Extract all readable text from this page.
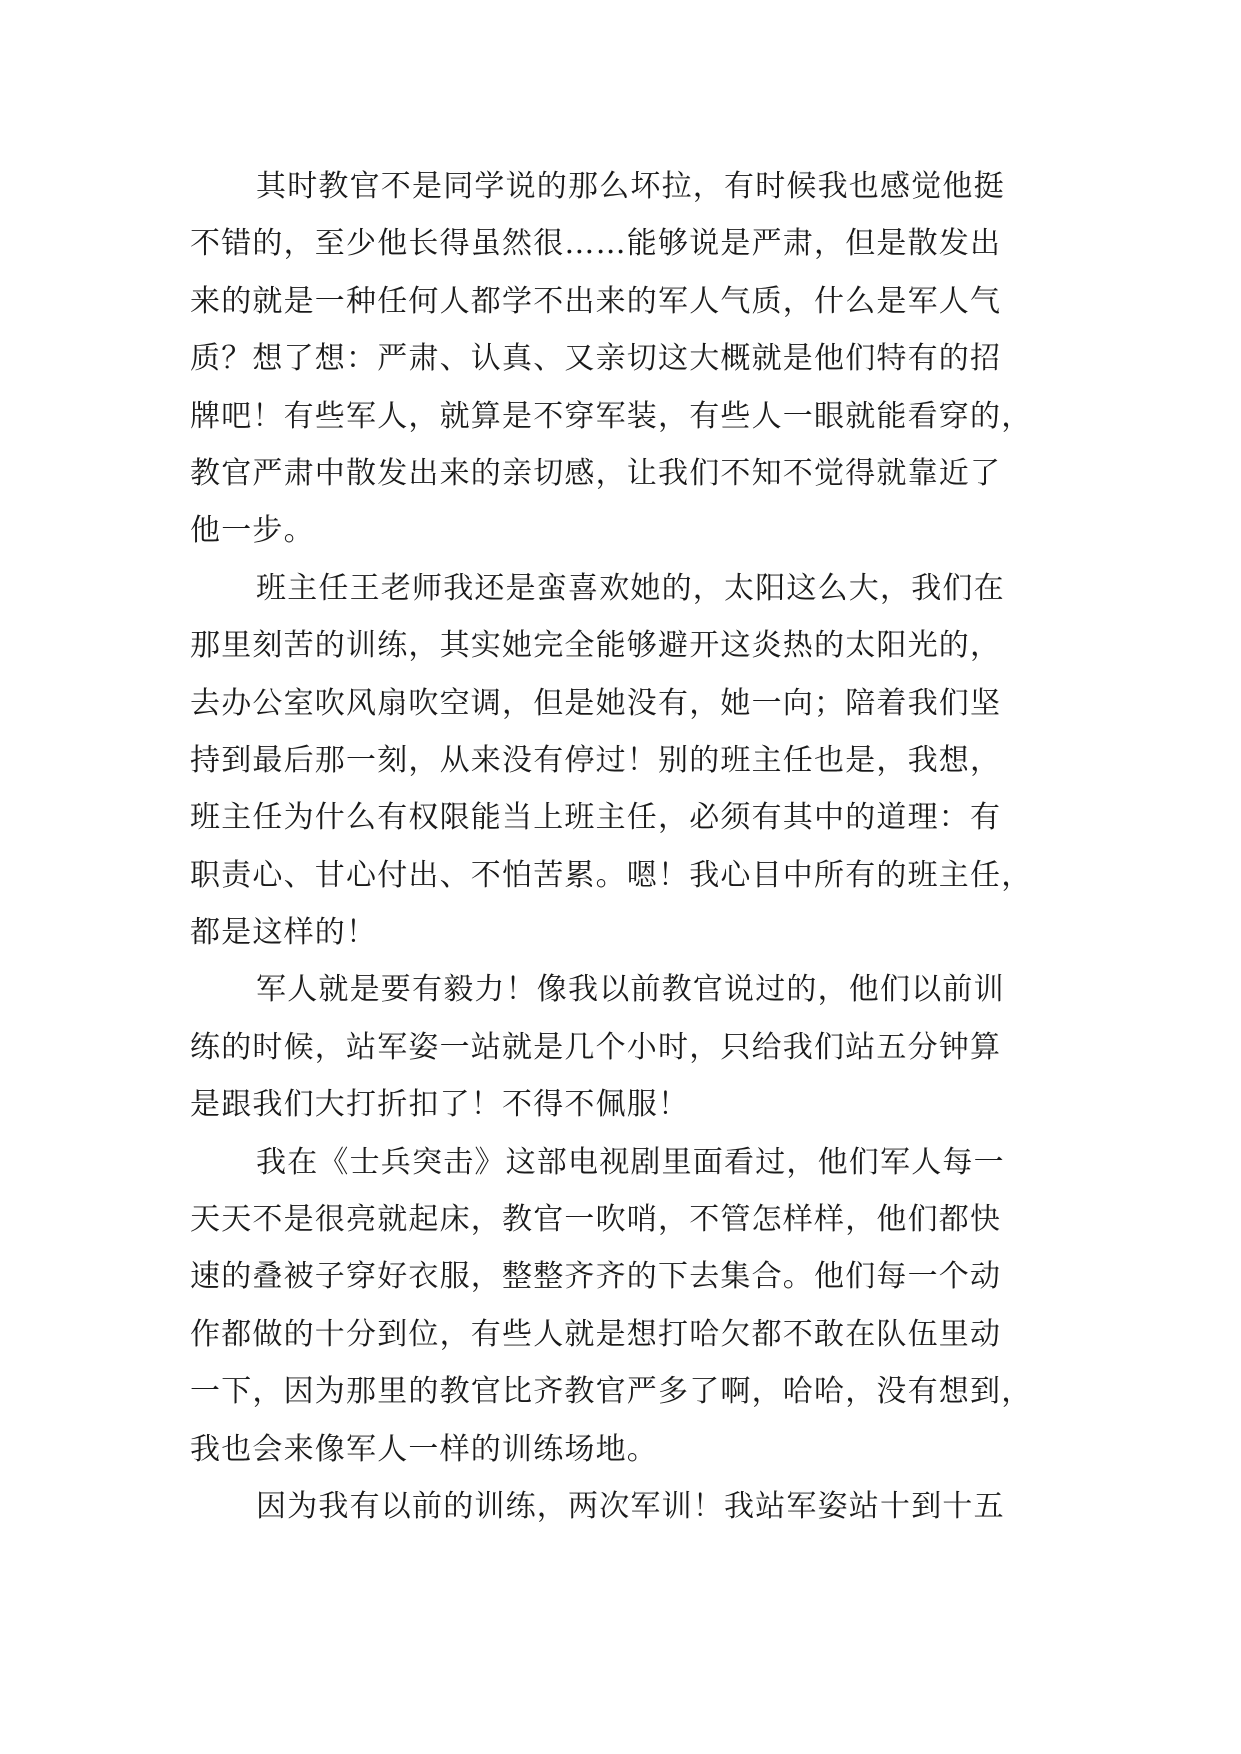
其时教官不是同学说的那么坏拉，有时候我也感觉他挺
不错的，至少他长得虽然很……能够说是严肃，但是散发出
来的就是一种任何人都学不出来的军人气质，什么是军人气
质？想了想：严肃、认真、又亲切这大概就是他们特有的招
牌吧！有些军人，就算是不穿军装，有些人一眼就能看穿的，
教官严肃中散发出来的亲切感，让我们不知不觉得就靠近了
他一步。
班主任王老师我还是蛮喜欢她的，太阳这么大，我们在
那里刻苦的训练，其实她完全能够避开这炎热的太阳光的，
去办公室吹风扇吹空调，但是她没有，她一向；陪着我们坚
持到最后那一刻，从来没有停过！别的班主任也是，我想，
班主任为什么有权限能当上班主任，必须有其中的道理：有
职责心、甘心付出、不怕苦累。嗯！我心目中所有的班主任，
都是这样的！
军人就是要有毅力！像我以前教官说过的，他们以前训
练的时候，站军姿一站就是几个小时，只给我们站五分钟算
是跟我们大打折扣了！不得不佩服！
我在《士兵突击》这部电视剧里面看过，他们军人每一
天天不是很亮就起床，教官一吹哨，不管怎样样，他们都快
速的叠被子穿好衣服，整整齐齐的下去集合。他们每一个动
作都做的十分到位，有些人就是想打哈欠都不敢在队伍里动
一下，因为那里的教官比齐教官严多了啊，哈哈，没有想到，
我也会来像军人一样的训练场地。
因为我有以前的训练，两次军训！我站军姿站十到十五
